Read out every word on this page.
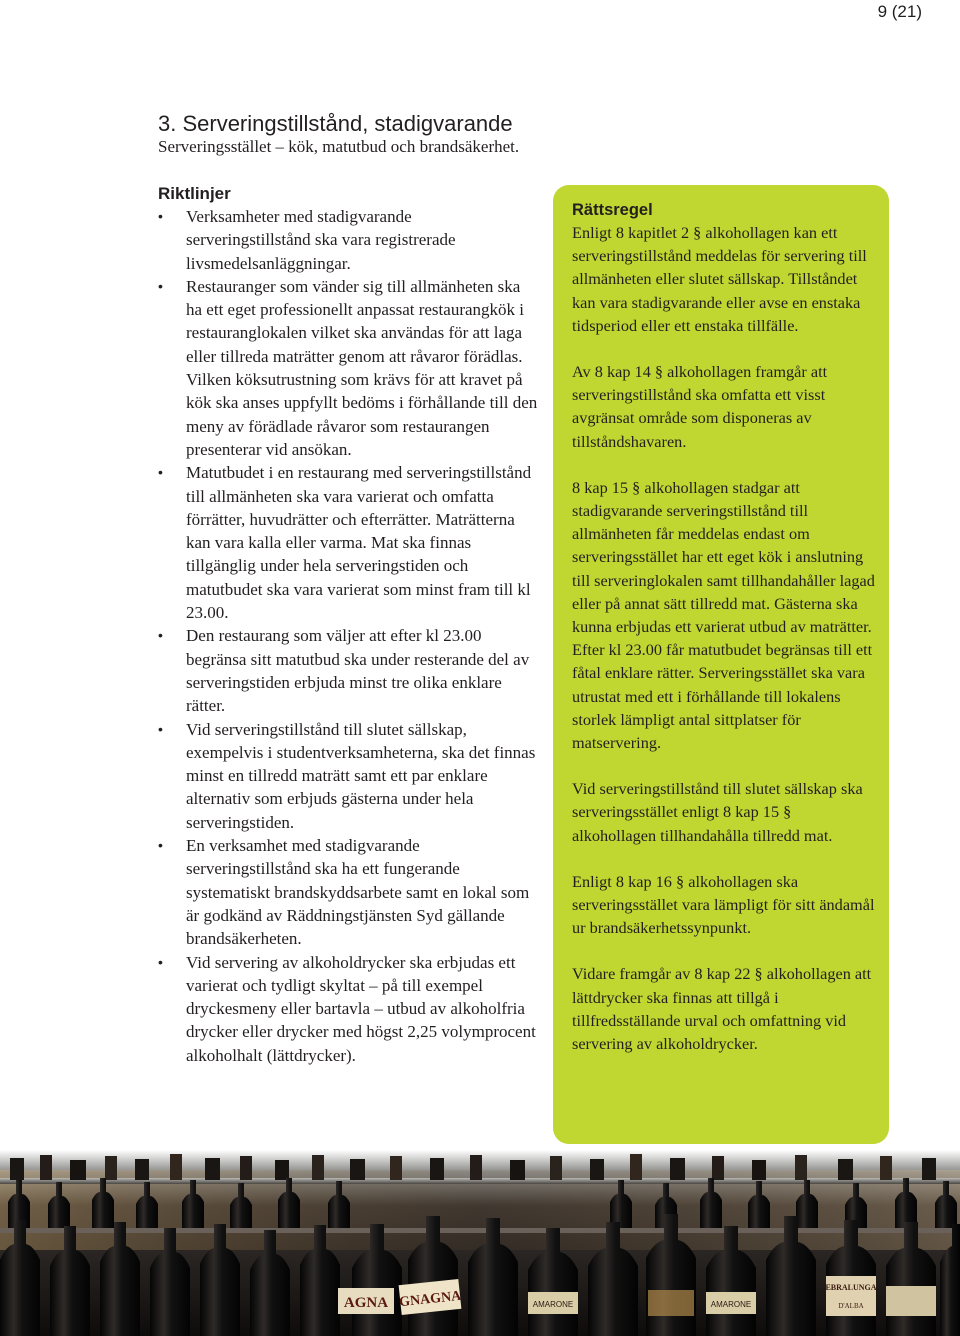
9 (21)
3. Serveringstillstånd, stadigvarande
Serveringsstället – kök, matutbud och brandsäkerhet.
Riktlinjer
• Verksamheter med stadigvarande serveringstillstånd ska vara registrerade livsmedelsanläggningar.
• Restauranger som vänder sig till allmänheten ska ha ett eget professionellt anpassat restaurangkök i restauranglokalen vilket ska användas för att laga eller tillreda maträtter genom att råvaror förädlas. Vilken köksutrustning som krävs för att kravet på kök ska anses uppfyllt bedöms i förhållande till den meny av förädlade råvaror som restaurangen presenterar vid ansökan.
• Matutbudet i en restaurang med serveringstillstånd till allmänheten ska vara varierat och omfatta förrätter, huvudrätter och efterrätter. Maträtterna kan vara kalla eller varma. Mat ska finnas tillgänglig under hela serveringstiden och matutbudet ska vara varierat som minst fram till kl 23.00.
• Den restaurang som väljer att efter kl 23.00 begränsa sitt matutbud ska under resterande del av serveringstiden erbjuda minst tre olika enklare rätter.
• Vid serveringstillstånd till slutet sällskap, exempelvis i studentverksamheterna, ska det finnas minst en tillredd maträtt samt ett par enklare alternativ som erbjuds gästerna under hela serveringstiden.
• En verksamhet med stadigvarande serveringstillstånd ska ha ett fungerande systematiskt brandskyddsarbete samt en lokal som är godkänd av Räddningstjänsten Syd gällande brandsäkerheten.
• Vid servering av alkoholdrycker ska erbjudas ett varierat och tydligt skyltat – på till exempel dryckesmeny eller bartavla – utbud av alkoholfria drycker eller drycker med högst 2,25 volymprocent alkoholhalt (lättdrycker).
Rättsregel

Enligt 8 kapitlet 2 § alkohollagen kan ett serveringstillstånd meddelas för servering till allmänheten eller slutet sällskap. Tillståndet kan vara stadigvarande eller avse en enstaka tidsperiod eller ett enstaka tillfälle.

Av 8 kap 14 § alkohollagen framgår att serveringstillstånd ska omfatta ett visst avgränsat område som disponeras av tillståndshavaren.

8 kap 15 § alkohollagen stadgar att stadigvarande serveringstillstånd till allmänheten får meddelas endast om serveringsstället har ett eget kök i anslutning till serveringlokalen samt tillhandahåller lagad eller på annat sätt tillredd mat. Gästerna ska kunna erbjudas ett varierat utbud av maträtter. Efter kl 23.00 får matutbudet begränsas till ett fåtal enklare rätter. Serveringsstället ska vara utrustat med ett i förhållande till lokalens storlek lämpligt antal sittplatser för matservering.

Vid serveringstillstånd till slutet sällskap ska serveringsstället enligt 8 kap 15 § alkohollagen tillhandahålla tillredd mat.

Enligt 8 kap 16 § alkohollagen ska serveringsstället vara lämpligt för sitt ändamål ur brandsäkerhetssynpunkt.

Vidare framgår av 8 kap 22 § alkohollagen att lättdrycker ska finnas att tillgå i tillfredsställande urval och omfattning vid servering av alkoholdrycker.

AGNA GNAGNA	AMARONE	AMARONE
EBRALUNGA
D'ALBA
